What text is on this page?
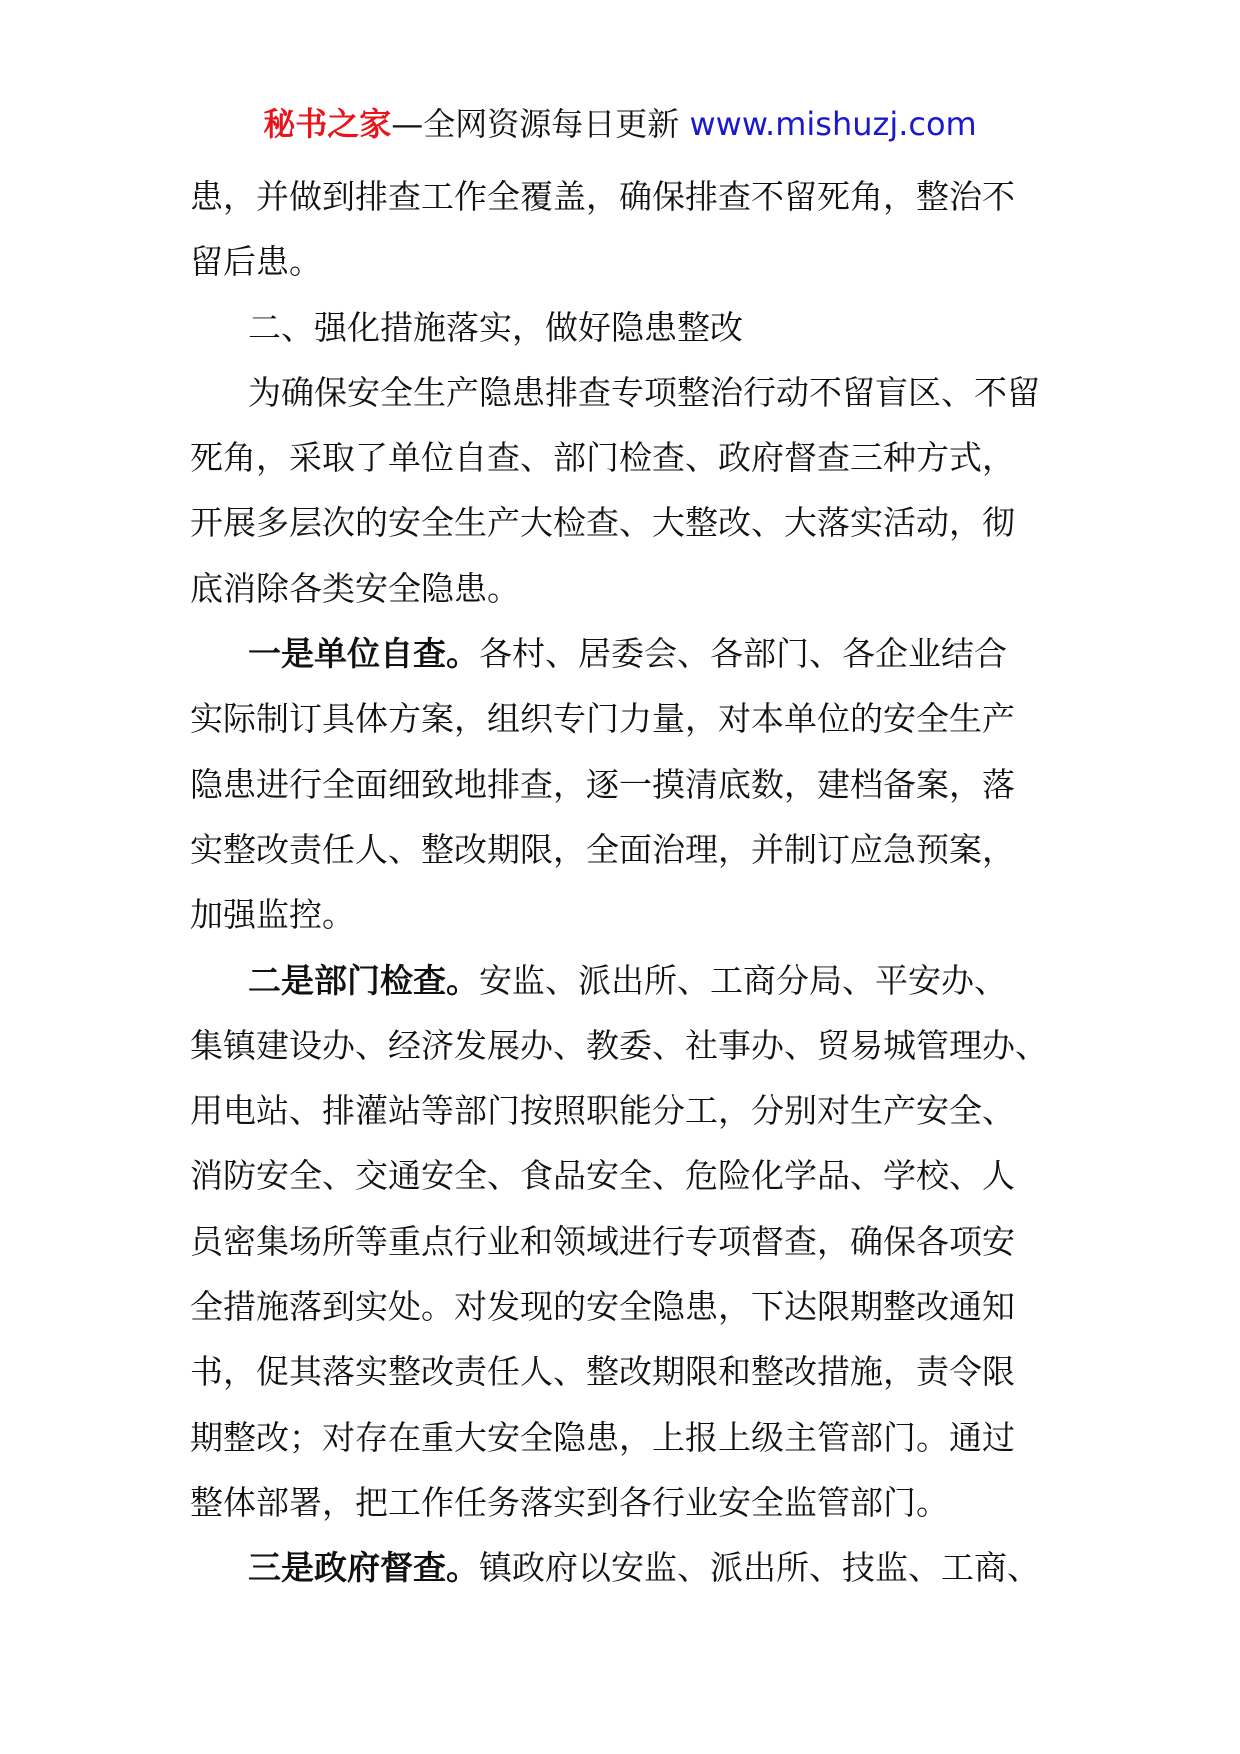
秘书之家—全网资源每日更新 www.mishuzj.com
患，并做到排查工作全覆盖，确保排查不留死角，整治不
留后患。
二、强化措施落实，做好隐患整改
为确保安全生产隐患排查专项整治行动不留盲区、不留
死角，采取了单位自查、部门检查、政府督查三种方式，
开展多层次的安全生产大检查、大整改、大落实活动，彻
底消除各类安全隐患。
一是单位自查。各村、居委会、各部门、各企业结合
实际制订具体方案，组织专门力量，对本单位的安全生产
隐患进行全面细致地排查，逐一摸清底数，建档备案，落
实整改责任人、整改期限，全面治理，并制订应急预案，
加强监控。
二是部门检查。安监、派出所、工商分局、平安办、
集镇建设办、经济发展办、教委、社事办、贸易城管理办、
用电站、排灌站等部门按照职能分工，分别对生产安全、
消防安全、交通安全、食品安全、危险化学品、学校、人
员密集场所等重点行业和领域进行专项督查，确保各项安
全措施落到实处。对发现的安全隐患，下达限期整改通知
书，促其落实整改责任人、整改期限和整改措施，责令限
期整改；对存在重大安全隐患，上报上级主管部门。通过
整体部署，把工作任务落实到各行业安全监管部门。
三是政府督查。镇政府以安监、派出所、技监、工商、
